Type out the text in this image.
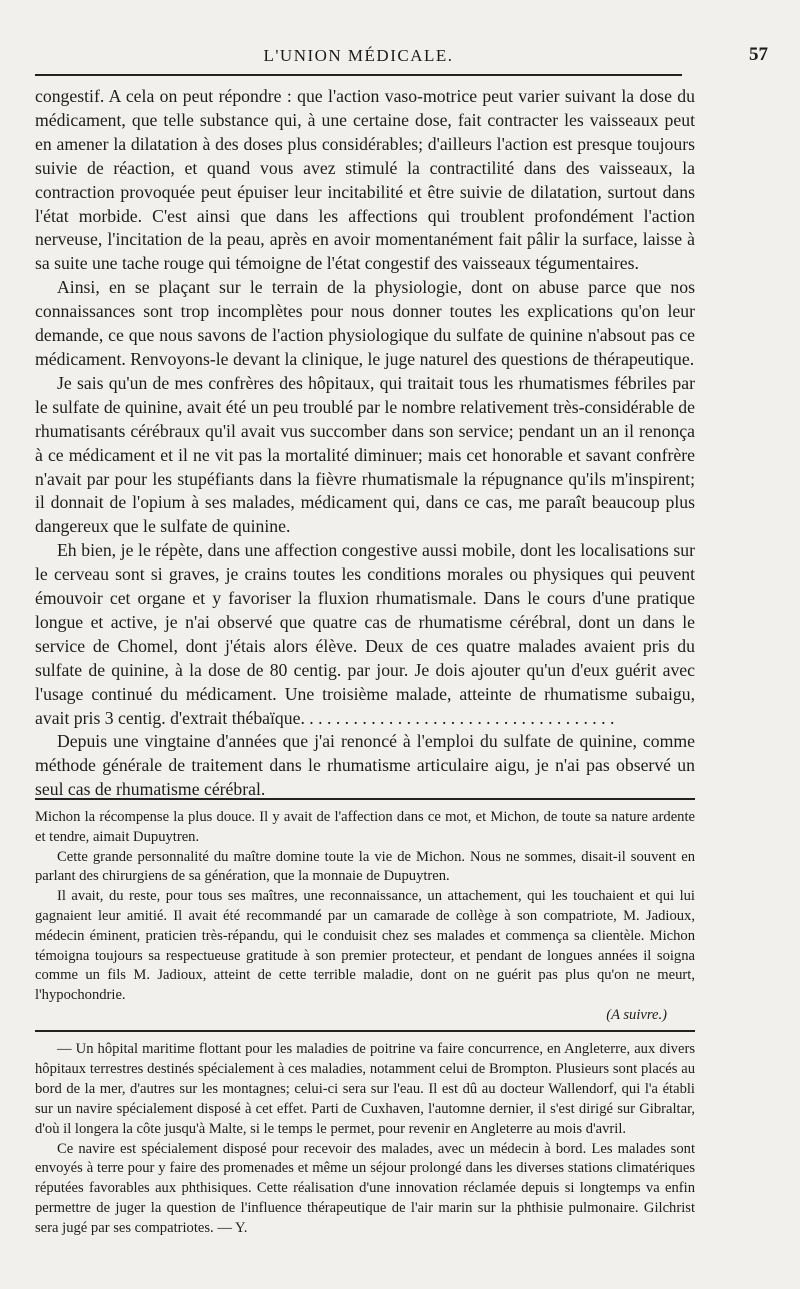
L'UNION MÉDICALE.	57

congestif. A cela on peut répondre : que l'action vaso-motrice peut varier suivant la dose du médicament, que telle substance qui, à une certaine dose, fait contracter les vaisseaux peut en amener la dilatation à des doses plus considérables; d'ailleurs l'action est presque toujours suivie de réaction, et quand vous avez stimulé la contractilité dans des vaisseaux, la contraction provoquée peut épuiser leur incitabilité et être suivie de dilatation, surtout dans l'état morbide. C'est ainsi que dans les affections qui troublent profondément l'action nerveuse, l'incitation de la peau, après en avoir momentanément fait pâlir la surface, laisse à sa suite une tache rouge qui témoigne de l'état congestif des vaisseaux tégumentaires.

Ainsi, en se plaçant sur le terrain de la physiologie, dont on abuse parce que nos connaissances sont trop incomplètes pour nous donner toutes les explications qu'on leur demande, ce que nous savons de l'action physiologique du sulfate de quinine n'absout pas ce médicament. Renvoyons-le devant la clinique, le juge naturel des questions de thérapeutique.

Je sais qu'un de mes confrères des hôpitaux, qui traitait tous les rhumatismes fébriles par le sulfate de quinine, avait été un peu troublé par le nombre relativement très-considérable de rhumatisants cérébraux qu'il avait vus succomber dans son service; pendant un an il renonça à ce médicament et il ne vit pas la mortalité diminuer; mais cet honorable et savant confrère n'avait par pour les stupéfiants dans la fièvre rhumatismale la répugnance qu'ils m'inspirent; il donnait de l'opium à ses malades, médicament qui, dans ce cas, me paraît beaucoup plus dangereux que le sulfate de quinine.

Eh bien, je le répète, dans une affection congestive aussi mobile, dont les localisations sur le cerveau sont si graves, je crains toutes les conditions morales ou physiques qui peuvent émouvoir cet organe et y favoriser la fluxion rhumatismale. Dans le cours d'une pratique longue et active, je n'ai observé que quatre cas de rhumatisme cérébral, dont un dans le service de Chomel, dont j'étais alors élève. Deux de ces quatre malades avaient pris du sulfate de quinine, à la dose de 80 centig. par jour. Je dois ajouter qu'un d'eux guérit avec l'usage continué du médicament. Une troisième malade, atteinte de rhumatisme subaigu, avait pris 3 centig. d'extrait thébaïque. . . . . . . . . . . . . . . . . . . . . . . . . . . . . . . . . . . .

Depuis une vingtaine d'années que j'ai renoncé à l'emploi du sulfate de quinine, comme méthode générale de traitement dans le rhumatisme articulaire aigu, je n'ai pas observé un seul cas de rhumatisme cérébral.

Michon la récompense la plus douce. Il y avait de l'affection dans ce mot, et Michon, de toute sa nature ardente et tendre, aimait Dupuytren.

Cette grande personnalité du maître domine toute la vie de Michon. Nous ne sommes, disait-il souvent en parlant des chirurgiens de sa génération, que la monnaie de Dupuytren.

Il avait, du reste, pour tous ses maîtres, une reconnaissance, un attachement, qui les touchaient et qui lui gagnaient leur amitié. Il avait été recommandé par un camarade de collège à son compatriote, M. Jadioux, médecin éminent, praticien très-répandu, qui le conduisit chez ses malades et commença sa clientèle. Michon témoigna toujours sa respectueuse gratitude à son premier protecteur, et pendant de longues années il soigna comme un fils M. Jadioux, atteint de cette terrible maladie, dont on ne guérit pas plus qu'on ne meurt, l'hypochondrie.

(A suivre.)

— Un hôpital maritime flottant pour les maladies de poitrine va faire concurrence, en Angleterre, aux divers hôpitaux terrestres destinés spécialement à ces maladies, notamment celui de Brompton. Plusieurs sont placés au bord de la mer, d'autres sur les montagnes; celui-ci sera sur l'eau. Il est dû au docteur Wallendorf, qui l'a établi sur un navire spécialement disposé à cet effet. Parti de Cuxhaven, l'automne dernier, il s'est dirigé sur Gibraltar, d'où il longera la côte jusqu'à Malte, si le temps le permet, pour revenir en Angleterre au mois d'avril.

Ce navire est spécialement disposé pour recevoir des malades, avec un médecin à bord. Les malades sont envoyés à terre pour y faire des promenades et même un séjour prolongé dans les diverses stations climatériques réputées favorables aux phthisiques. Cette réalisation d'une innovation réclamée depuis si longtemps va enfin permettre de juger la question de l'influence thérapeutique de l'air marin sur la phthisie pulmonaire. Gilchrist sera jugé par ses compatriotes. — Y.
